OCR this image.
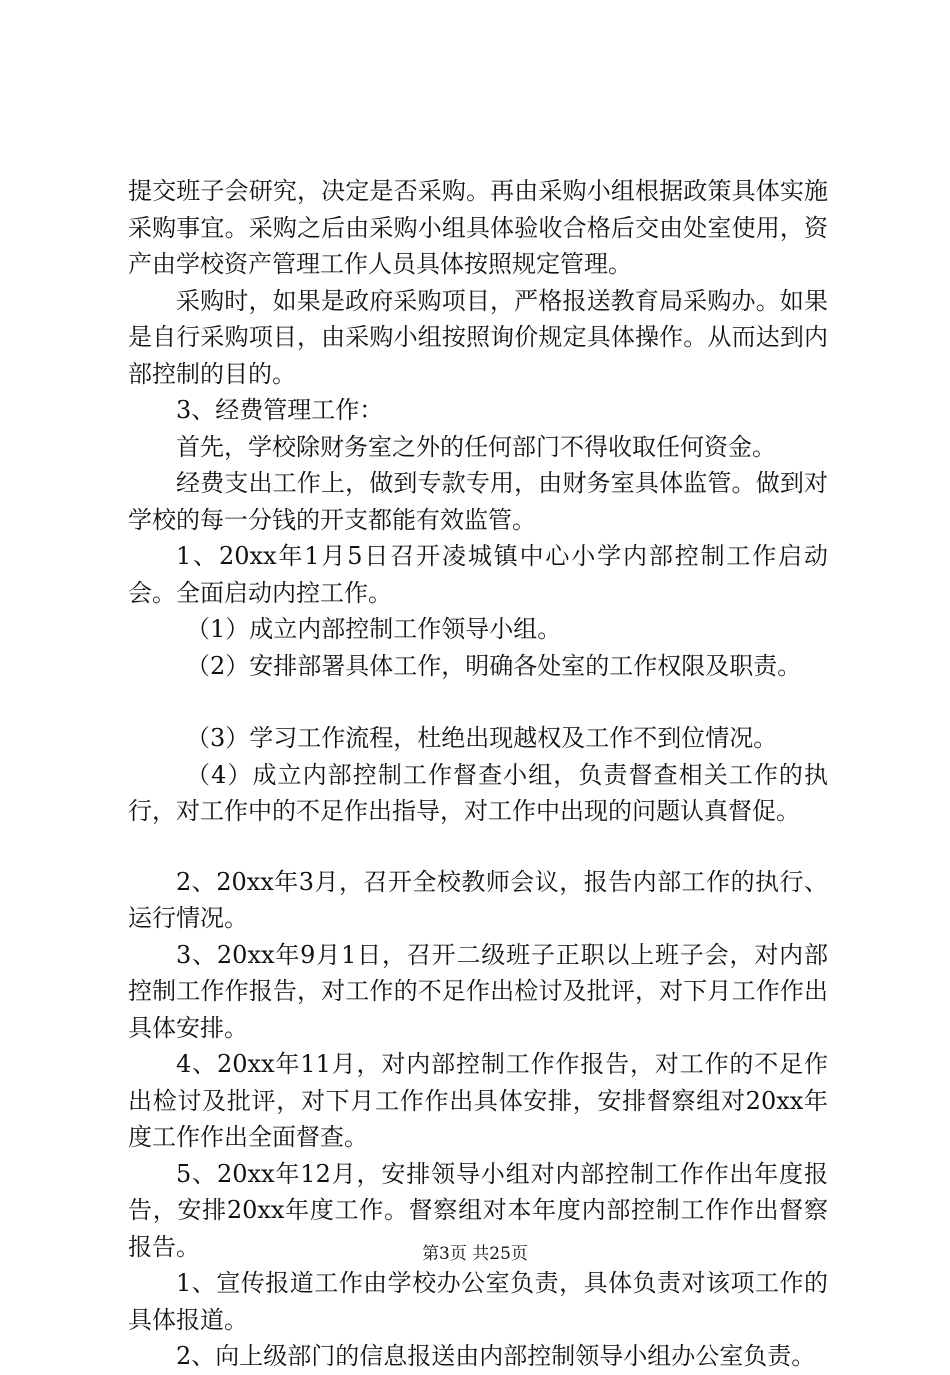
提交班子会研究，决定是否采购。再由采购小组根据政策具体实施采购事宜。采购之后由采购小组具体验收合格后交由处室使用，资产由学校资产管理工作人员具体按照规定管理。

采购时，如果是政府采购项目，严格报送教育局采购办。如果是自行采购项目，由采购小组按照询价规定具体操作。从而达到内部控制的目的。

3、经费管理工作：

首先，学校除财务室之外的任何部门不得收取任何资金。

经费支出工作上，做到专款专用，由财务室具体监管。做到对学校的每一分钱的开支都能有效监管。

1、20xx年1月5日召开凌城镇中心小学内部控制工作启动会。全面启动内控工作。

（1）成立内部控制工作领导小组。

（2）安排部署具体工作，明确各处室的工作权限及职责。

（3）学习工作流程，杜绝出现越权及工作不到位情况。

（4）成立内部控制工作督查小组，负责督查相关工作的执行，对工作中的不足作出指导，对工作中出现的问题认真督促。

2、20xx年3月，召开全校教师会议，报告内部工作的执行、运行情况。

3、20xx年9月1日，召开二级班子正职以上班子会，对内部控制工作作报告，对工作的不足作出检讨及批评，对下月工作作出具体安排。

4、20xx年11月，对内部控制工作作报告，对工作的不足作出检讨及批评，对下月工作作出具体安排，安排督察组对20xx年度工作作出全面督查。

5、20xx年12月，安排领导小组对内部控制工作作出年度报告，安排20xx年度工作。督察组对本年度内部控制工作作出督察报告。

1、宣传报道工作由学校办公室负责，具体负责对该项工作的具体报道。

2、向上级部门的信息报送由内部控制领导小组办公室负责。

第3页 共25页
